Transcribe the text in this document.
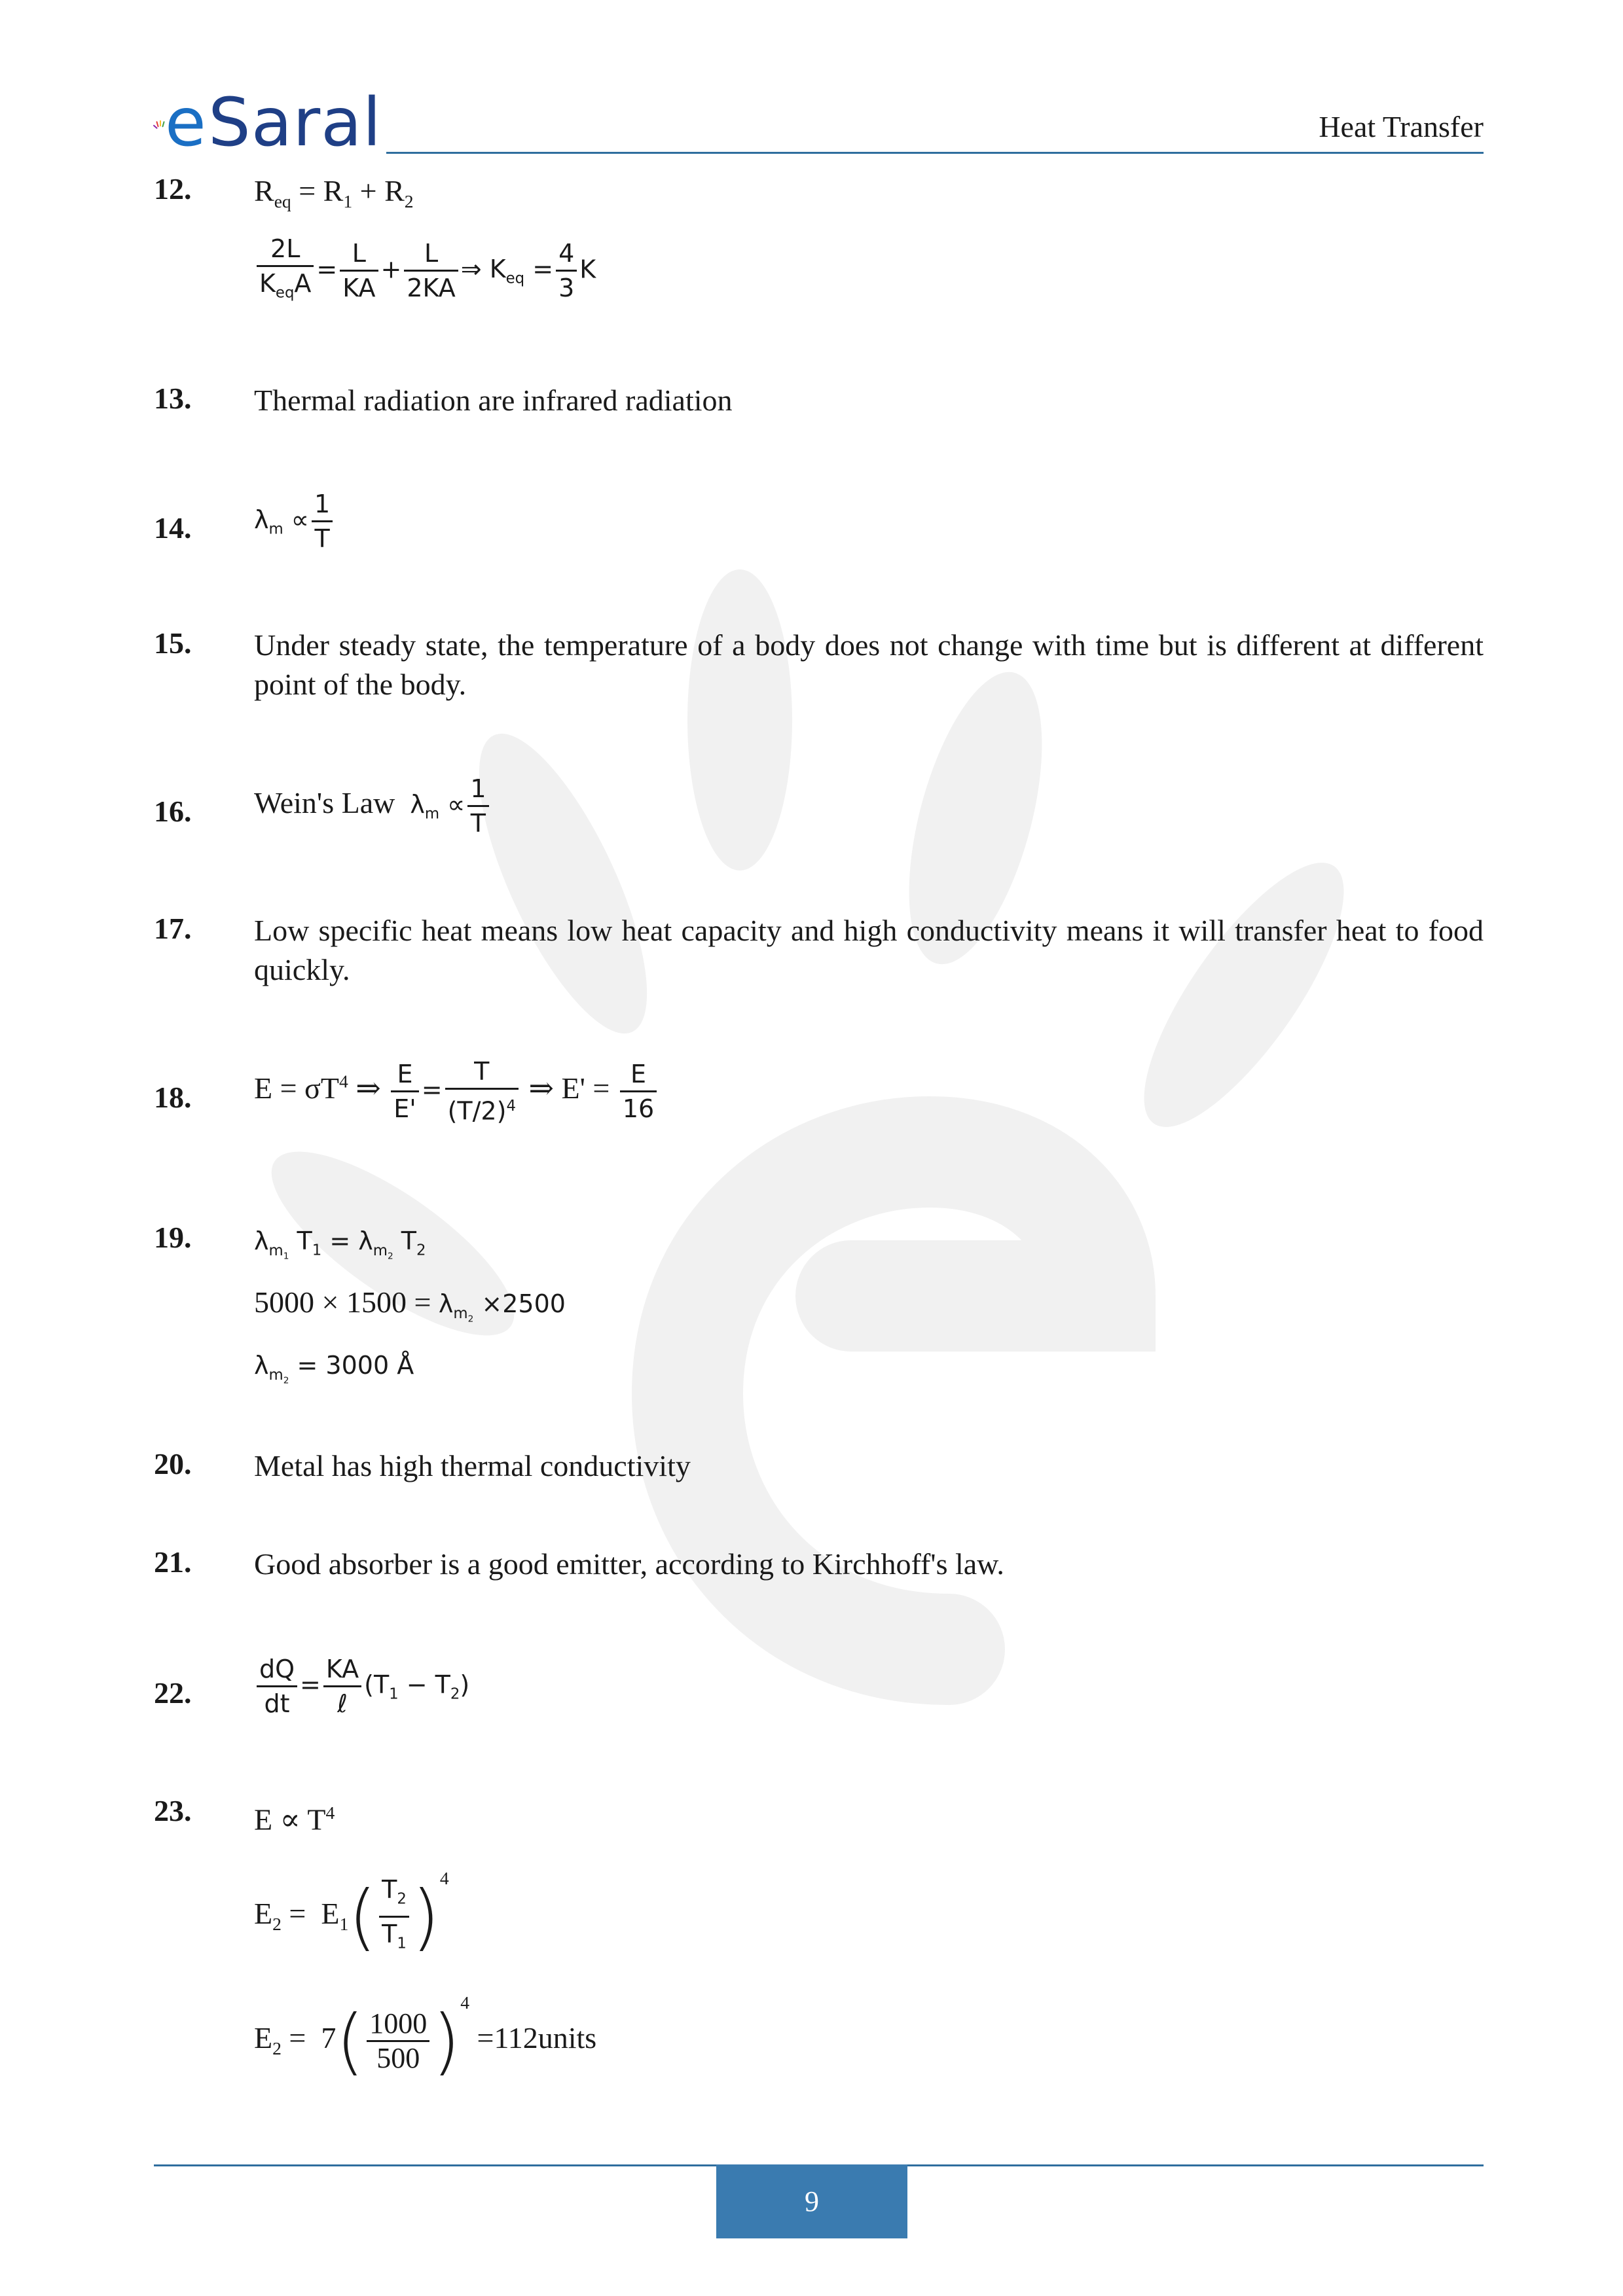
e Saral	Heat Transfer
12. $R_{eq} = R_1 + R_2$
$\frac{2L}{K_{eq}A} = \frac{L}{KA} + \frac{L}{2KA}$ ⇒ $K_{eq} = \frac{4}{3}$ K
13. Thermal radiation are infrared radiation
14.	$\lambda_m \propto \frac{1}{T}$
15. Under steady state, the temperature of a body does not change with time but is different at different point of the body.
16. Wein's Law $\lambda_m \propto \frac{1}{T}$
17. Low specific heat means low heat capacity and high conductivity means it will transfer heat to food quickly.
18. $E = \sigma T^4$ ⇒ $\frac{E}{E'} = \frac{T}{(T/2)^4}$ ⇒ $E' = \frac{E}{16}$
19.	$\lambda_{m_1}$ $T_1 = \lambda_{m_2}$ $T_2$
$5000 \times 1500 = \lambda_{m_2} \times 2500$
$\lambda_{m_2} = 3000$ Å
20. Metal has high thermal conductivity
21. Good absorber is a good emitter, according to Kirchhoff's law.
22.	$\frac{dQ}{dt} = \frac{KA}{\text{ℓ}} (T_1 - T_2)$
23. $E \propto T^4$
$E_2 = E_1( \frac{T_2}{T_1} )^4$
$E_2 = 7( \frac{1000}{500} )^4$ =112units
9
